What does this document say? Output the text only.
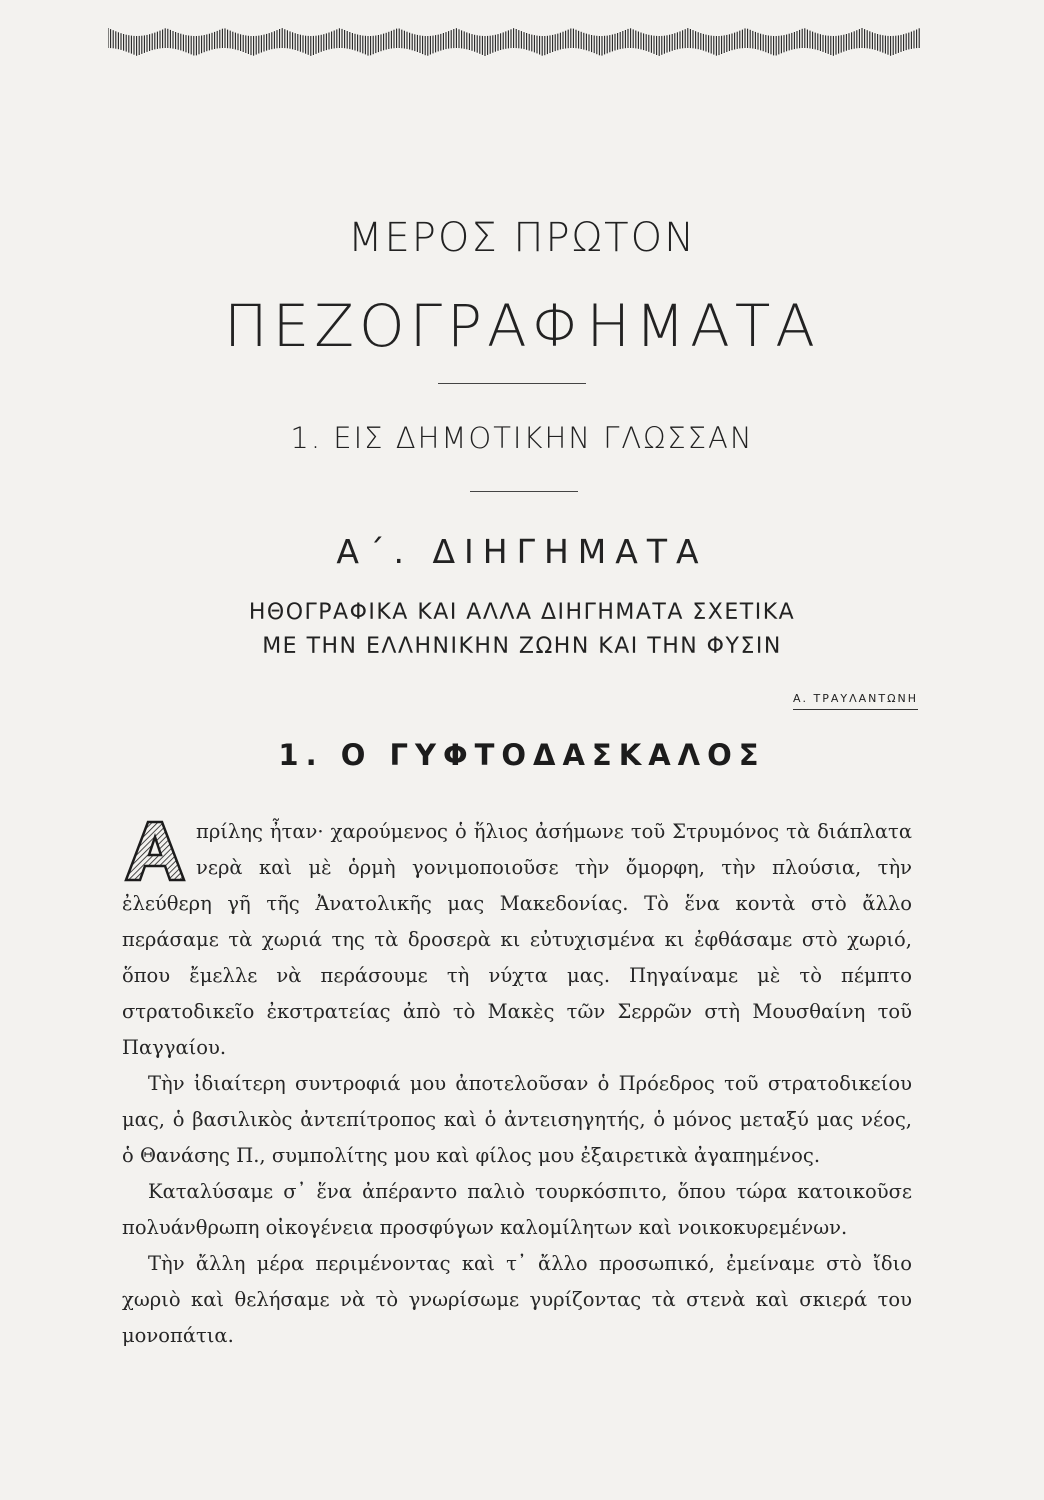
ΜΕΡΟΣ ΠΡΩΤΟΝ
ΠΕΖΟΓΡΑΦΗΜΑΤΑ
1. ΕΙΣ ΔΗΜΟΤΙΚΗΝ ΓΛΩΣΣΑΝ
Α΄. ΔΙΗΓΗΜΑΤΑ
ΗΘΟΓΡΑΦΙΚΑ ΚΑΙ ΑΛΛΑ ΔΙΗΓΗΜΑΤΑ ΣΧΕΤΙΚΑ
ΜΕ ΤΗΝ ΕΛΛΗΝΙΚΗΝ ΖΩΗΝ ΚΑΙ ΤΗΝ ΦΥΣΙΝ
Α. ΤΡΑΥΛΑΝΤΩΝΗ
1. Ο ΓΥΦΤΟΔΑΣΚΑΛΟΣ

πρίλης ἦταν· χαρούμενος ὁ ἥλιος ἀσήμωνε τοῦ Στρυμόνος τὰ διάπλατα νερὰ καὶ μὲ ὁρμὴ γονιμοποιοῦσε τὴν ὄμορφη, τὴν πλούσια, τὴν ἐλεύθερη γῆ τῆς Ἀνατολικῆς μας Μακεδονίας. Τὸ ἕνα κοντὰ στὸ ἄλλο περάσαμε τὰ χωριά της τὰ δροσερὰ κι εὐτυχισμένα κι ἐφθάσαμε στὸ χωριό, ὅπου ἔμελλε νὰ περάσουμε τὴ νύχτα μας. Πηγαίναμε μὲ τὸ πέμπτο στρατοδικεῖο ἐκστρατείας ἀπὸ τὸ Μακὲς τῶν Σερρῶν στὴ Μουσθαίνη τοῦ Παγγαίου.

Τὴν ἰδιαίτερη συντροφιά μου ἀποτελοῦσαν ὁ Πρόεδρος τοῦ στρατοδικείου μας, ὁ βασιλικὸς ἀντεπίτροπος καὶ ὁ ἀντεισηγητής, ὁ μόνος μεταξύ μας νέος, ὁ Θανάσης Π., συμπολίτης μου καὶ φίλος μου ἐξαιρετικὰ ἀγαπημένος.

Καταλύσαμε σ᾽ ἕνα ἀπέραντο παλιὸ τουρκόσπιτο, ὅπου τώρα κατοικοῦσε πολυάνθρωπη οἰκογένεια προσφύγων καλομίλητων καὶ νοικοκυρεμένων.

Τὴν ἄλλη μέρα περιμένοντας καὶ τ᾽ ἄλλο προσωπικό, ἐμείναμε στὸ ἴδιο χωριὸ καὶ θελήσαμε νὰ τὸ γνωρίσωμε γυρίζοντας τὰ στενὰ καὶ σκιερά του μονοπάτια.
